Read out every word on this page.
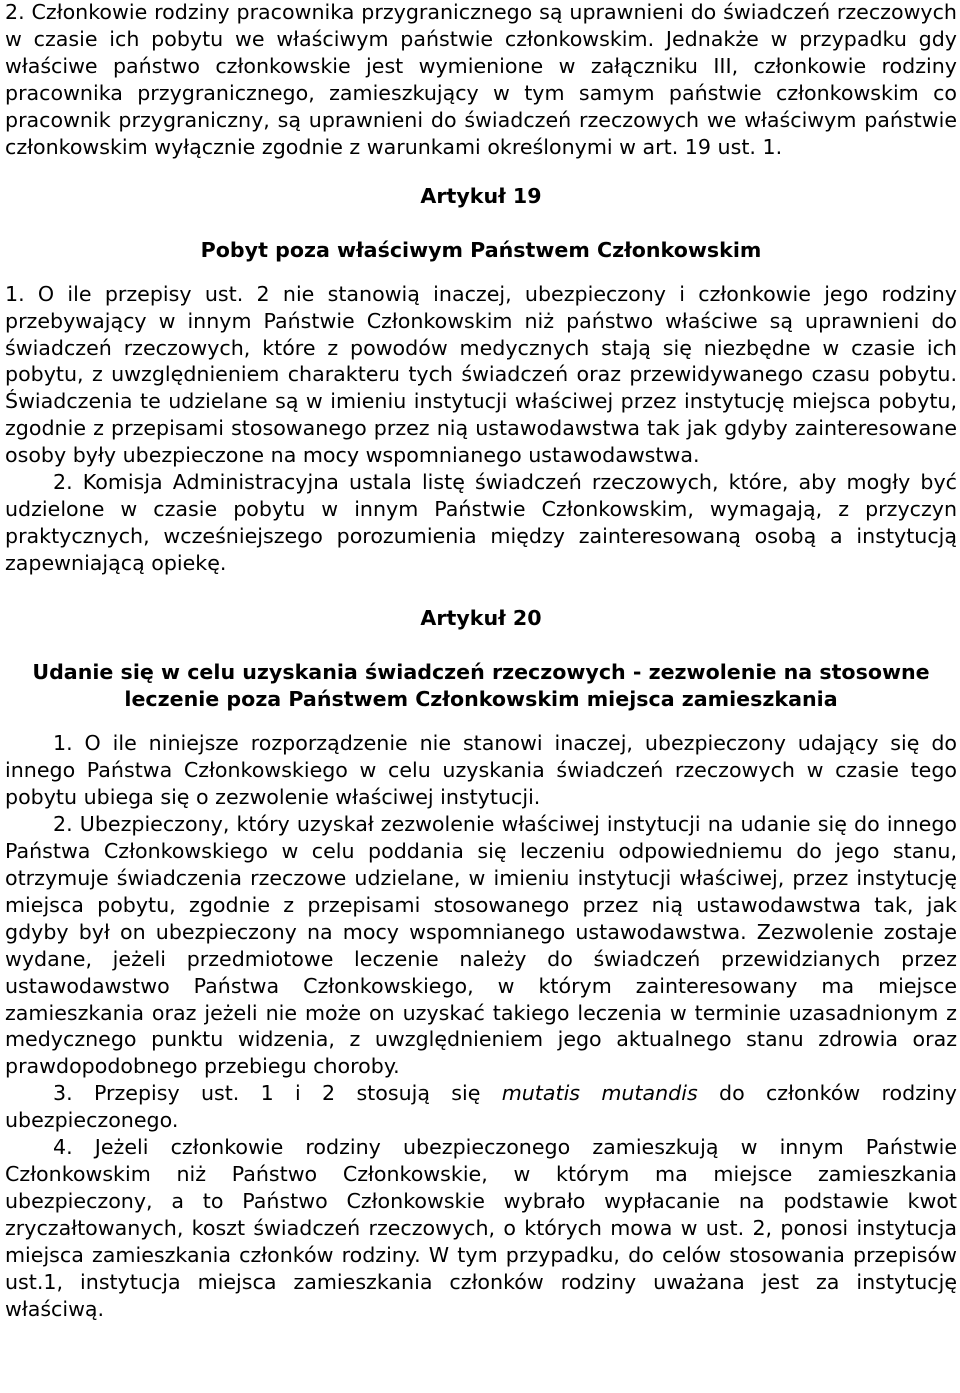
2. Członkowie rodziny pracownika przygranicznego są uprawnieni do świadczeń rzeczowych w czasie ich pobytu we właściwym państwie członkowskim. Jednakże w przypadku gdy właściwe państwo członkowskie jest wymienione w załączniku III, członkowie rodziny pracownika przygranicznego, zamieszkujący w tym samym państwie członkowskim co pracownik przygraniczny, są uprawnieni do świadczeń rzeczowych we właściwym państwie członkowskim wyłącznie zgodnie z warunkami określonymi w art. 19 ust. 1.

Artykuł 19
Pobyt poza właściwym Państwem Członkowskim

1. O ile przepisy ust. 2 nie stanowią inaczej, ubezpieczony i członkowie jego rodziny przebywający w innym Państwie Członkowskim niż państwo właściwe są uprawnieni do świadczeń rzeczowych, które z powodów medycznych stają się niezbędne w czasie ich pobytu, z uwzględnieniem charakteru tych świadczeń oraz przewidywanego czasu pobytu. Świadczenia te udzielane są w imieniu instytucji właściwej przez instytucję miejsca pobytu, zgodnie z przepisami stosowanego przez nią ustawodawstwa tak jak gdyby zainteresowane osoby były ubezpieczone na mocy wspomnianego ustawodawstwa.

2. Komisja Administracyjna ustala listę świadczeń rzeczowych, które, aby mogły być udzielone w czasie pobytu w innym Państwie Członkowskim, wymagają, z przyczyn praktycznych, wcześniejszego porozumienia między zainteresowaną osobą a instytucją zapewniającą opiekę.

Artykuł 20
Udanie się w celu uzyskania świadczeń rzeczowych - zezwolenie na stosowne leczenie poza Państwem Członkowskim miejsca zamieszkania

1. O ile niniejsze rozporządzenie nie stanowi inaczej, ubezpieczony udający się do innego Państwa Członkowskiego w celu uzyskania świadczeń rzeczowych w czasie tego pobytu ubiega się o zezwolenie właściwej instytucji.

2. Ubezpieczony, który uzyskał zezwolenie właściwej instytucji na udanie się do innego Państwa Członkowskiego w celu poddania się leczeniu odpowiedniemu do jego stanu, otrzymuje świadczenia rzeczowe udzielane, w imieniu instytucji właściwej, przez instytucję miejsca pobytu, zgodnie z przepisami stosowanego przez nią ustawodawstwa tak, jak gdyby był on ubezpieczony na mocy wspomnianego ustawodawstwa. Zezwolenie zostaje wydane, jeżeli przedmiotowe leczenie należy do świadczeń przewidzianych przez ustawodawstwo Państwa Członkowskiego, w którym zainteresowany ma miejsce zamieszkania oraz jeżeli nie może on uzyskać takiego leczenia w terminie uzasadnionym z medycznego punktu widzenia, z uwzględnieniem jego aktualnego stanu zdrowia oraz prawdopodobnego przebiegu choroby.

3. Przepisy ust. 1 i 2 stosują się mutatis mutandis do członków rodziny ubezpieczonego.

4. Jeżeli członkowie rodziny ubezpieczonego zamieszkują w innym Państwie Członkowskim niż Państwo Członkowskie, w którym ma miejsce zamieszkania ubezpieczony, a to Państwo Członkowskie wybrało wypłacanie na podstawie kwot zryczałtowanych, koszt świadczeń rzeczowych, o których mowa w ust. 2, ponosi instytucja miejsca zamieszkania członków rodziny. W tym przypadku, do celów stosowania przepisów ust.1, instytucja miejsca zamieszkania członków rodziny uważana jest za instytucję właściwą.
